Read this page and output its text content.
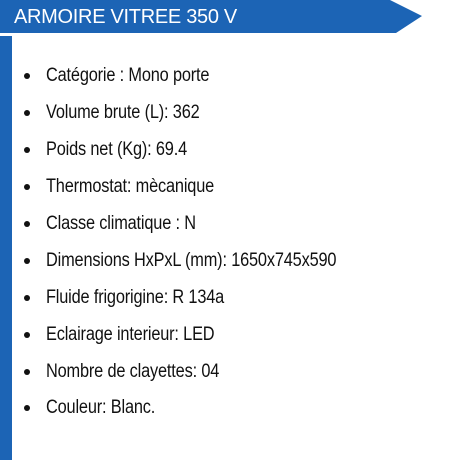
ARMOIRE VITREE 350 V
Catégorie : Mono porte
Volume brute (L): 362
Poids net (Kg): 69.4
Thermostat: mècanique
Classe climatique : N
Dimensions HxPxL (mm): 1650x745x590
Fluide frigorigine: R 134a
Eclairage interieur: LED
Nombre de clayettes: 04
Couleur: Blanc.
